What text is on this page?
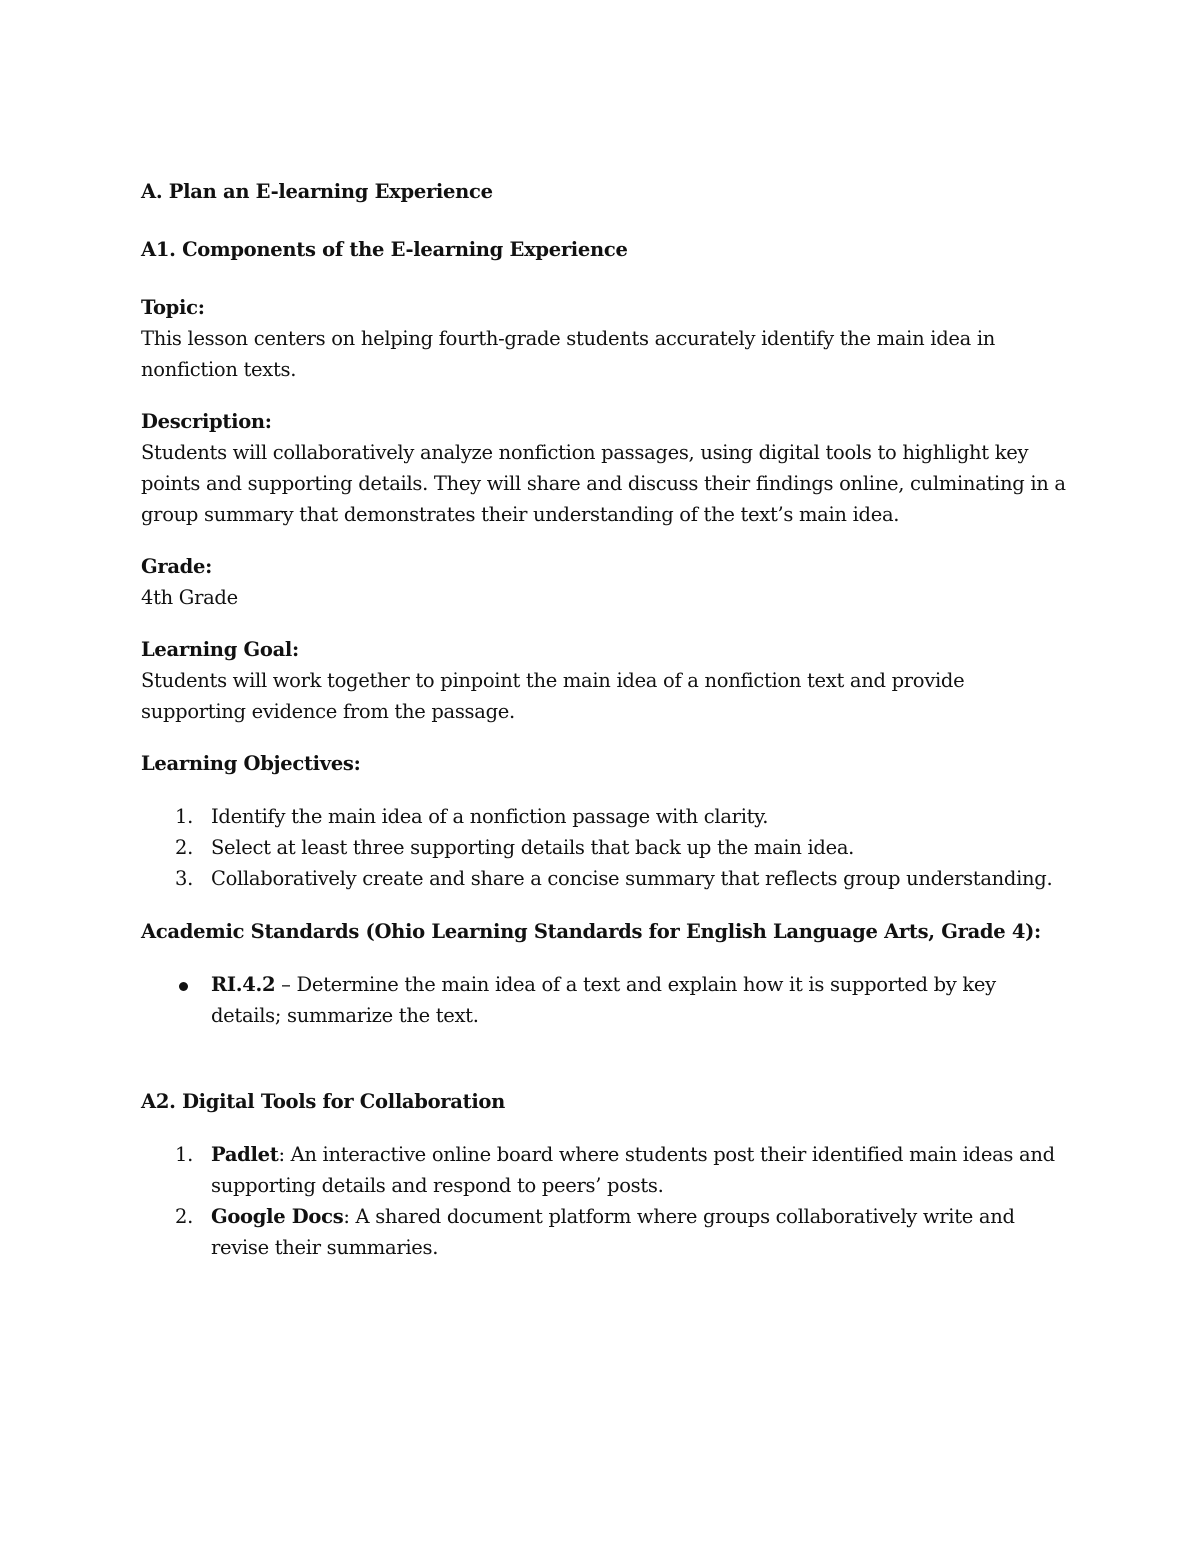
A. Plan an E-learning Experience

A1. Components of the E-learning Experience

Topic:

This lesson centers on helping fourth-grade students accurately identify the main idea in nonfiction texts.

Description:

Students will collaboratively analyze nonfiction passages, using digital tools to highlight key points and supporting details. They will share and discuss their findings online, culminating in a group summary that demonstrates their understanding of the text’s main idea.

Grade:

4th Grade

Learning Goal:

Students will work together to pinpoint the main idea of a nonfiction text and provide supporting evidence from the passage.

Learning Objectives:

1. Identify the main idea of a nonfiction passage with clarity.
2. Select at least three supporting details that back up the main idea.
3. Collaboratively create and share a concise summary that reflects group understanding.

Academic Standards (Ohio Learning Standards for English Language Arts, Grade 4):

RI.4.2 – Determine the main idea of a text and explain how it is supported by key details; summarize the text.

A2. Digital Tools for Collaboration

1. Padlet: An interactive online board where students post their identified main ideas and supporting details and respond to peers’ posts.
2. Google Docs: A shared document platform where groups collaboratively write and revise their summaries.
